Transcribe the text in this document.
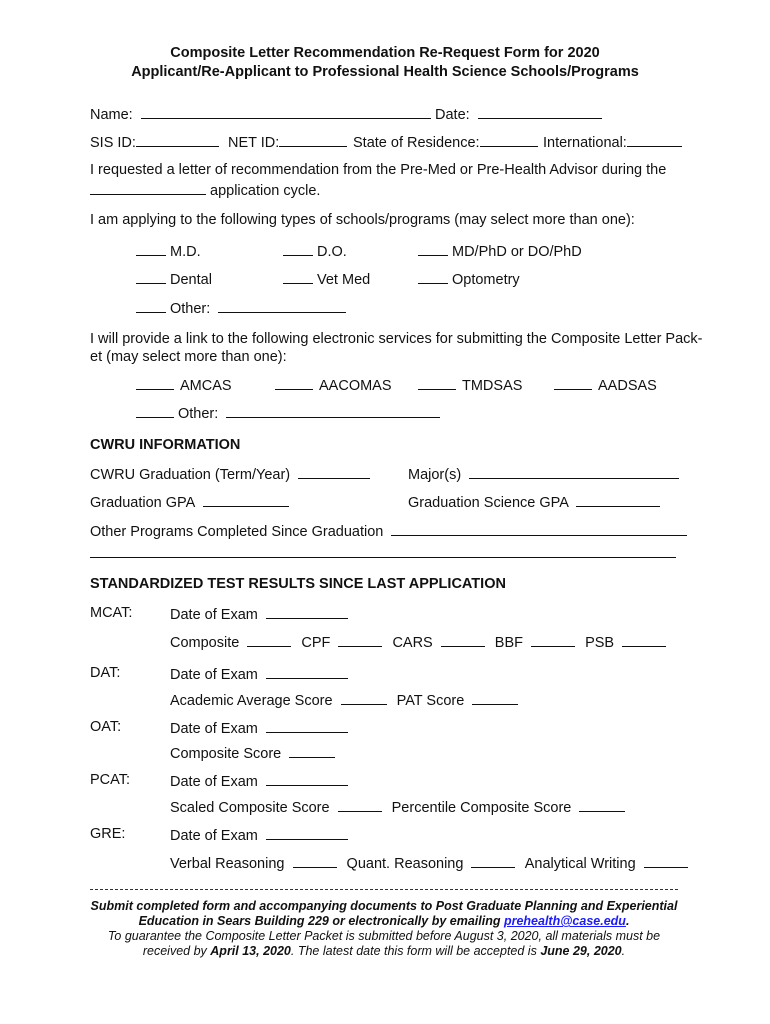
Composite Letter Recommendation Re-Request Form for 2020
Applicant/Re-Applicant to Professional Health Science Schools/Programs
Name:	Date:
SIS ID:	NET ID:	State of Residence:	International:
I requested a letter of recommendation from the Pre-Med or Pre-Health Advisor during the
application cycle.
I am applying to the following types of schools/programs (may select more than one):
M.D.	D.O.	MD/PhD or DO/PhD
Dental	Vet Med	Optometry
Other:
I will provide a link to the following electronic services for submitting the Composite Letter Pack-
et (may select more than one):
AMCAS	AACOMAS	TMDSAS	AADSAS
Other:
CWRU INFORMATION
CWRU Graduation (Term/Year)	Major(s)
Graduation GPA	Graduation Science GPA
Other Programs Completed Since Graduation
STANDARDIZED TEST RESULTS SINCE LAST APPLICATION
MCAT:	Date of Exam
Composite	CPF	CARS	BBF	PSB
DAT:	Date of Exam
Academic Average Score	PAT Score
OAT:	Date of Exam
Composite Score
PCAT:	Date of Exam
Scaled Composite Score	Percentile Composite Score
GRE:	Date of Exam
Verbal Reasoning	Quant. Reasoning	Analytical Writing
Submit completed form and accompanying documents to Post Graduate Planning and Experiential
Education in Sears Building 229 or electronically by emailing prehealth@case.edu.
To guarantee the Composite Letter Packet is submitted before August 3, 2020, all materials must be
received by April 13, 2020. The latest date this form will be accepted is June 29, 2020.
